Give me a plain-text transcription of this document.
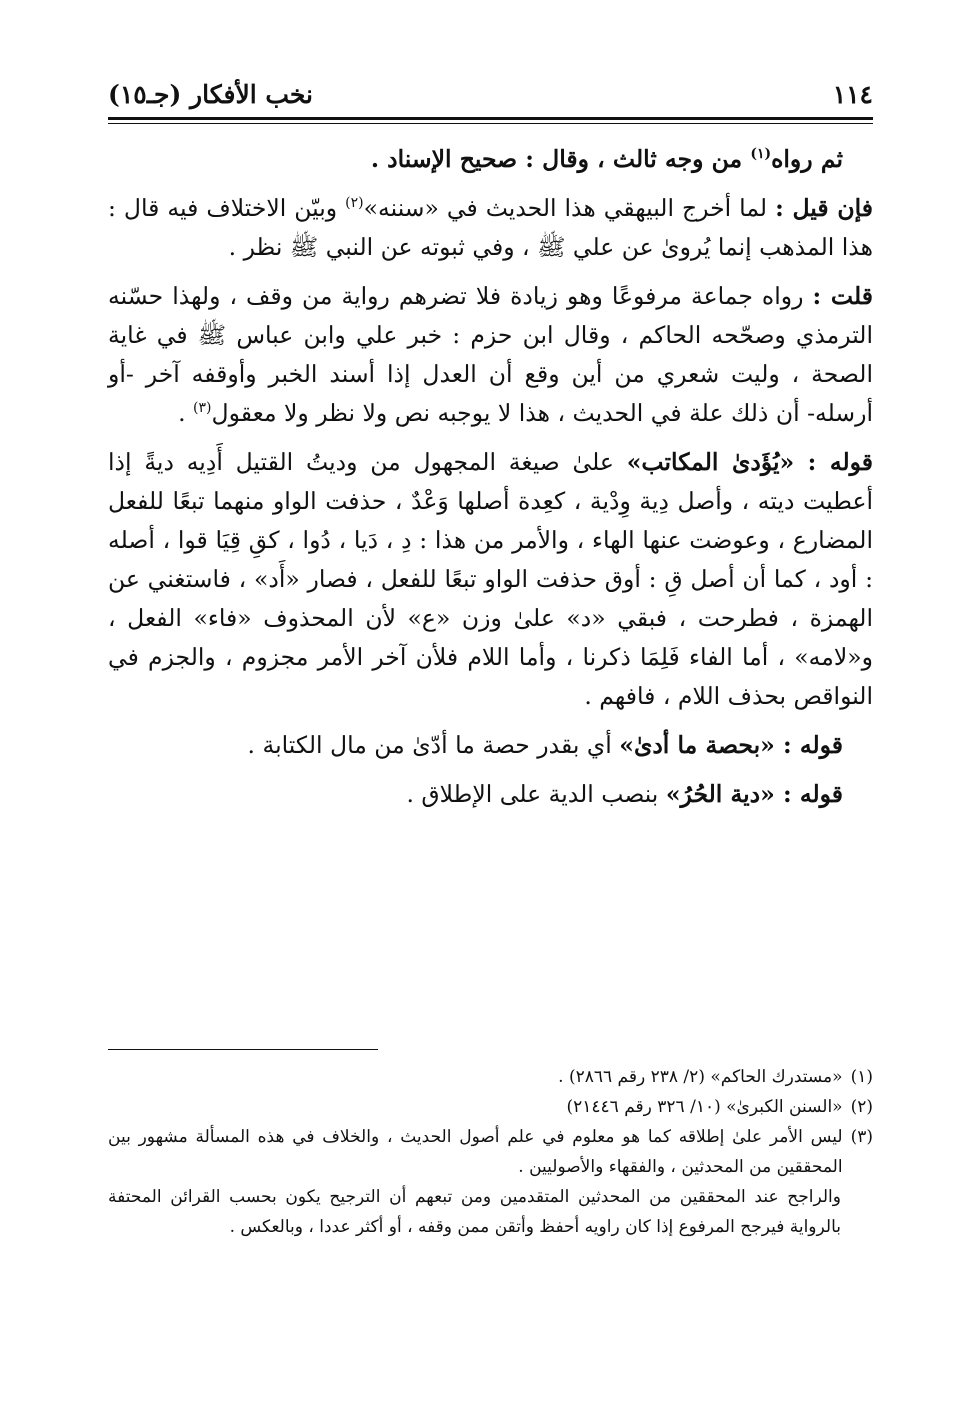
١١٤
نخب الأفكار (جـ١٥)

ثم رواه$^{(١)}$ من وجه ثالث ، وقال : صحيح الإسناد .

فإن قيل : لما أخرج البيهقي هذا الحديث في «سننه»$^{(٢)}$ وبيّن الاختلاف فيه قال : هذا المذهب إنما يُروىٰ عن علي ﷺ ، وفي ثبوته عن النبي ﷺ نظر .

قلت : رواه جماعة مرفوعًا وهو زيادة فلا تضرهم رواية من وقف ، ولهذا حسّنه الترمذي وصحّحه الحاكم ، وقال ابن حزم : خبر علي وابن عباس ﷺ في غاية الصحة ، وليت شعري من أين وقع أن العدل إذا أسند الخبر وأوقفه آخر -أو أرسله- أن ذلك علة في الحديث ، هذا لا يوجبه نص ولا نظر ولا معقول$^{(٣)}$ .

قوله : «يُؤَدىٰ المكاتب» علىٰ صيغة المجهول من وديتُ القتيل أَدِيه ديةً إذا أعطيت ديته ، وأصل دِية وِدْية ، كعِدة أصلها وَعْدٌ ، حذفت الواو منهما تبعًا للفعل المضارع ، وعوضت عنها الهاء ، والأمر من هذا : دِ ، دَيا ، دُوا ، كقِ قِيَا قوا ، أصله : أود ، كما أن أصل قِ : أوق حذفت الواو تبعًا للفعل ، فصار «أَد» ، فاستغني عن الهمزة ، فطرحت ، فبقي «د» علىٰ وزن «ع» لأن المحذوف «فاء» الفعل ، و«لامه» ، أما الفاء فَلِمَا ذكرنا ، وأما اللام فلأن آخر الأمر مجزوم ، والجزم في النواقص بحذف اللام ، فافهم .

قوله : «بحصة ما أدىٰ» أي بقدر حصة ما أدّىٰ من مال الكتابة .

قوله : «دية الحُرُ» بنصب الدية على الإطلاق .

(١)
«مستدرك الحاكم» (٢/ ٢٣٨ رقم ٢٨٦٦) .
(٢)
«السنن الكبرىٰ» (١٠/ ٣٢٦ رقم ٢١٤٤٦)
(٣)
ليس الأمر علىٰ إطلاقه كما هو معلوم في علم أصول الحديث ، والخلاف في هذه المسألة مشهور بين المحققين من المحدثين ، والفقهاء والأصوليين .
والراجح عند المحققين من المحدثين المتقدمين ومن تبعهم أن الترجيح يكون بحسب القرائن المحتفة بالرواية فيرجح المرفوع إذا كان راويه أحفظ وأتقن ممن وقفه ، أو أكثر عددا ، وبالعكس .
